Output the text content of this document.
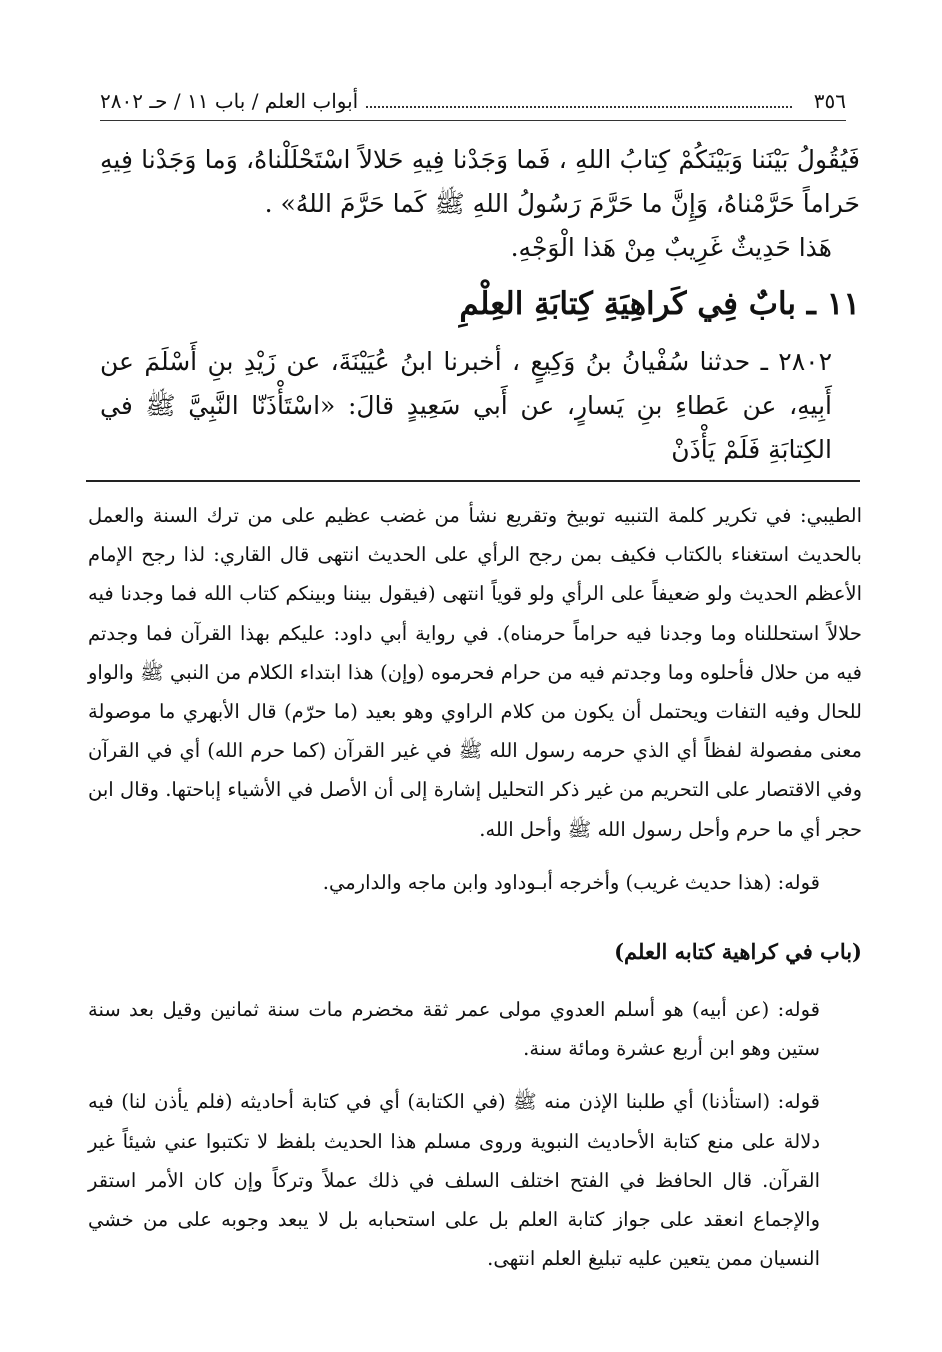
٣٥٦
أبواب العلم / باب ١١ / حـ ٢٨٠٢

فَيُقُولُ بَيْنَنا وَبَيْنَكُمْ كِتابُ اللهِ ، فَما وَجَدْنا فِيهِ حَلالاً اسْتَحْلَلْناهُ، وَما وَجَدْنا فِيهِ حَراماً حَرَّمْناهُ، وَإِنَّ ما حَرَّمَ رَسُولُ اللهِ ﷺ كَما حَرَّمَ اللهُ» .

هَذا حَدِيثٌ غَرِيبٌ مِنْ هَذا الْوَجْهِ.

١١ ـ بابٌ فِي كَراهِيَةِ كِتابَةِ العِلْمِ

٢٨٠٢ ـ حدثنا سُفْيانُ بنُ وَكِيعٍ ، أخبرنا ابنُ عُيَيْنَةَ، عن زَيْدِ بنِ أَسْلَمَ عن أَبِيهِ، عن عَطاءِ بنِ يَسارٍ، عن أَبي سَعِيدٍ قالَ: «اسْتَأْذَنّا النَّبِيَّ ﷺ في الكِتابَةِ فَلَمْ يَأْذَنْ

الطيبي: في تكرير كلمة التنبيه توبيخ وتقريع نشأ من غضب عظيم على من ترك السنة والعمل بالحديث استغناء بالكتاب فكيف بمن رجح الرأي على الحديث انتهى قال القاري: لذا رجح الإمام الأعظم الحديث ولو ضعيفاً على الرأي ولو قوياً انتهى (فيقول بيننا وبينكم كتاب الله فما وجدنا فيه حلالاً استحللناه وما وجدنا فيه حراماً حرمناه). في رواية أبي داود: عليكم بهذا القرآن فما وجدتم فيه من حلال فأحلوه وما وجدتم فيه من حرام فحرموه (وإن) هذا ابتداء الكلام من النبي ﷺ والواو للحال وفيه التفات ويحتمل أن يكون من كلام الراوي وهو بعيد (ما حرّم) قال الأبهري ما موصولة معنى مفصولة لفظاً أي الذي حرمه رسول الله ﷺ في غير القرآن (كما حرم الله) أي في القرآن وفي الاقتصار على التحريم من غير ذكر التحليل إشارة إلى أن الأصل في الأشياء إباحتها. وقال ابن حجر أي ما حرم وأحل رسول الله ﷺ وأحل الله.

قوله: (هذا حديث غريب) وأخرجه أبـوداود وابن ماجه والدارمي.

(باب في كراهية كتابه العلم)

قوله: (عن أبيه) هو أسلم العدوي مولى عمر ثقة مخضرم مات سنة ثمانين وقيل بعد سنة ستين وهو ابن أربع عشرة ومائة سنة.

قوله: (استأذنا) أي طلبنا الإذن منه ﷺ (في الكتابة) أي في كتابة أحاديثه (فلم يأذن لنا) فيه دلالة على منع كتابة الأحاديث النبوية وروى مسلم هذا الحديث بلفظ لا تكتبوا عني شيئاً غير القرآن. قال الحافظ في الفتح اختلف السلف في ذلك عملاً وتركاً وإن كان الأمر استقر والإجماع انعقد على جواز كتابة العلم بل على استحبابه بل لا يبعد وجوبه على من خشي النسيان ممن يتعين عليه تبليغ العلم انتهى.
